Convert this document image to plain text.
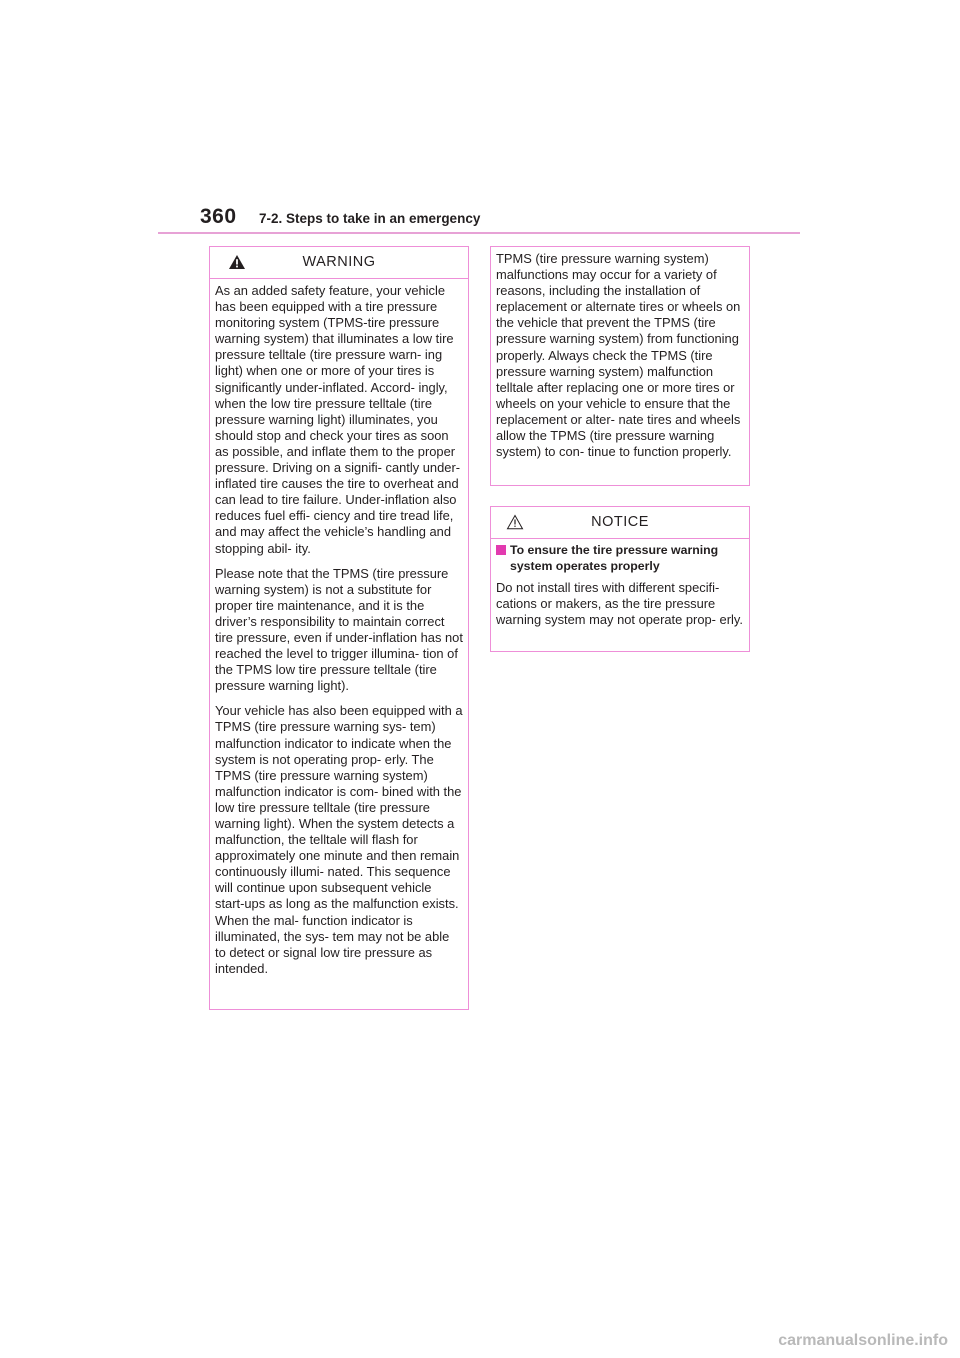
360 7-2. Steps to take in an emergency
WARNING

As an added safety feature, your vehicle has been equipped with a tire pressure monitoring system (TPMS-tire pressure warning system) that illuminates a low tire pressure telltale (tire pressure warn- ing light) when one or more of your tires is significantly under-inflated. Accord- ingly, when the low tire pressure telltale (tire pressure warning light) illuminates, you should stop and check your tires as soon as possible, and inflate them to the proper pressure. Driving on a signifi- cantly under-inflated tire causes the tire to overheat and can lead to tire failure. Under-inflation also reduces fuel effi- ciency and tire tread life, and may affect the vehicle’s handling and stopping abil- ity.

Please note that the TPMS (tire pressure warning system) is not a substitute for proper tire maintenance, and it is the driver’s responsibility to maintain correct tire pressure, even if under-inflation has not reached the level to trigger illumina- tion of the TPMS low tire pressure telltale (tire pressure warning light).

Your vehicle has also been equipped with a TPMS (tire pressure warning sys- tem) malfunction indicator to indicate when the system is not operating prop- erly. The TPMS (tire pressure warning system) malfunction indicator is com- bined with the low tire pressure telltale (tire pressure warning light). When the system detects a malfunction, the telltale will flash for approximately one minute and then remain continuously illumi- nated. This sequence will continue upon subsequent vehicle start-ups as long as the malfunction exists. When the mal- function indicator is illuminated, the sys- tem may not be able to detect or signal low tire pressure as intended.

TPMS (tire pressure warning system) malfunctions may occur for a variety of reasons, including the installation of replacement or alternate tires or wheels on the vehicle that prevent the TPMS (tire pressure warning system) from functioning properly. Always check the TPMS (tire pressure warning system) malfunction telltale after replacing one or more tires or wheels on your vehicle to ensure that the replacement or alter- nate tires and wheels allow the TPMS (tire pressure warning system) to con- tinue to function properly.

NOTICE
To ensure the tire pressure warning system operates properly

Do not install tires with different specifi- cations or makers, as the tire pressure warning system may not operate prop- erly.

carmanualsonline.info
